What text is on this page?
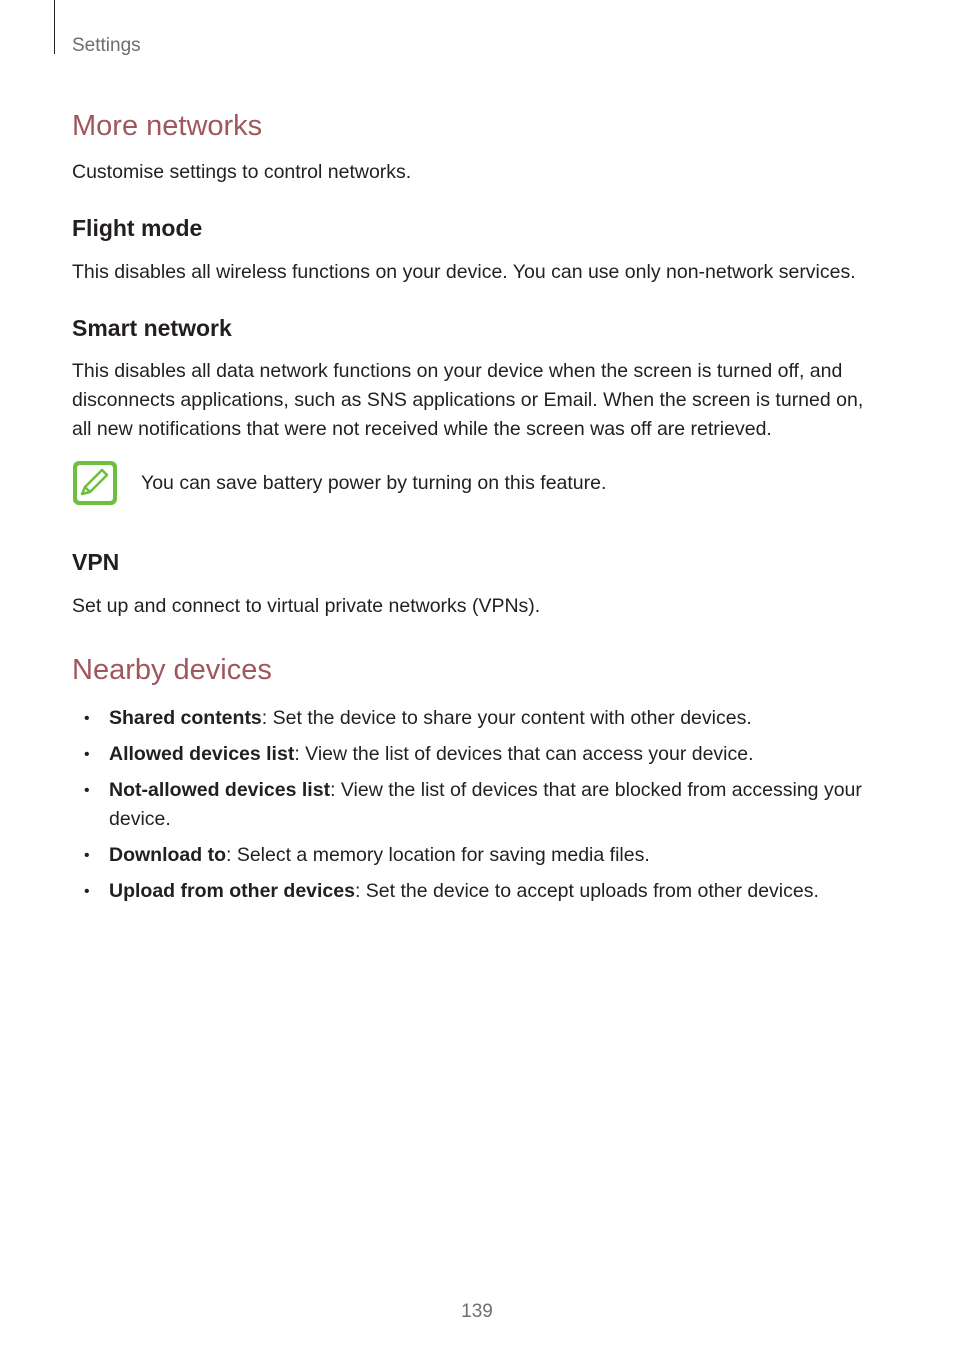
Settings
More networks
Customise settings to control networks.
Flight mode
This disables all wireless functions on your device. You can use only non-network services.
Smart network
This disables all data network functions on your device when the screen is turned off, and disconnects applications, such as SNS applications or Email. When the screen is turned on, all new notifications that were not received while the screen was off are retrieved.
You can save battery power by turning on this feature.
VPN
Set up and connect to virtual private networks (VPNs).
Nearby devices
• Shared contents: Set the device to share your content with other devices.
• Allowed devices list: View the list of devices that can access your device.
• Not-allowed devices list: View the list of devices that are blocked from accessing your device.
• Download to: Select a memory location for saving media files.
• Upload from other devices: Set the device to accept uploads from other devices.
139
